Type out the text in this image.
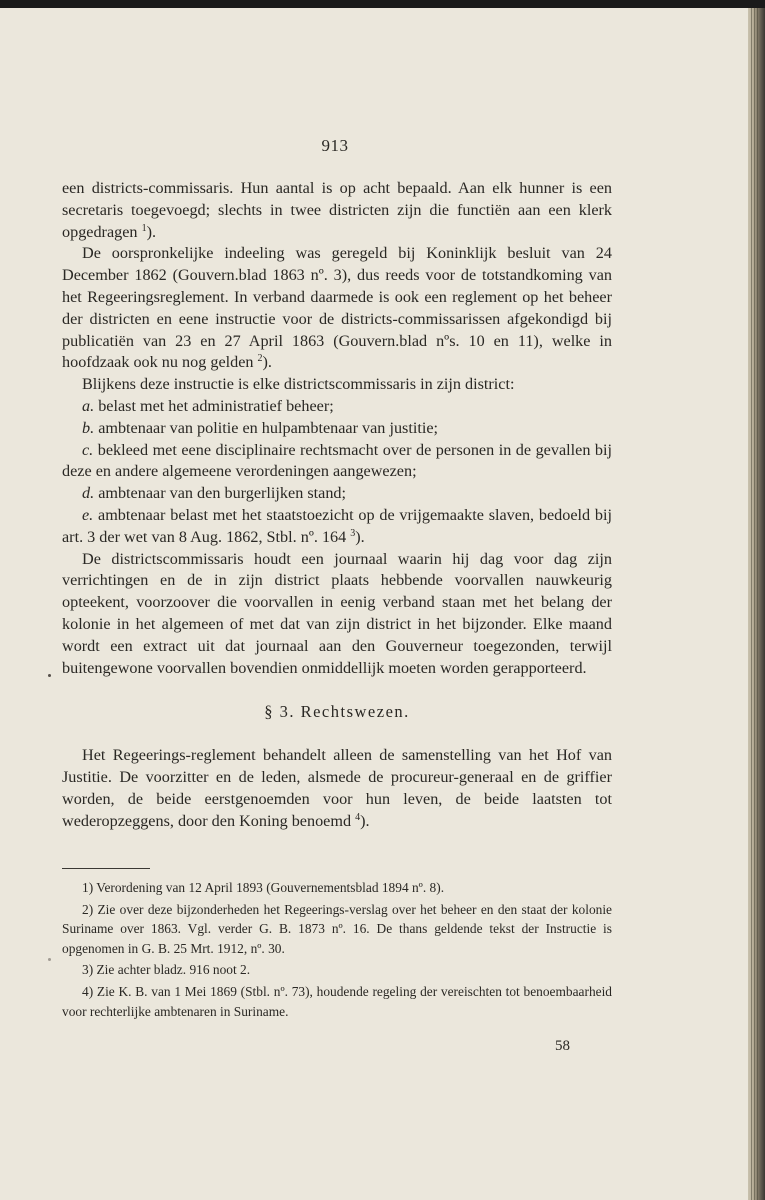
913

een districts-commissaris. Hun aantal is op acht bepaald. Aan elk hunner is een secretaris toegevoegd; slechts in twee districten zijn die functiën aan een klerk opgedragen $^1$).

De oorspronkelijke indeeling was geregeld bij Koninklijk besluit van 24 December 1862 (Gouvern.blad 1863 nº. 3), dus reeds voor de totstandkoming van het Regeeringsreglement. In verband daarmede is ook een reglement op het beheer der districten en eene instructie voor de districts-commissarissen afgekondigd bij publicatiën van 23 en 27 April 1863 (Gouvern.blad nºs. 10 en 11), welke in hoofdzaak ook nu nog gelden $^2$).

Blijkens deze instructie is elke districtscommissaris in zijn district:

a. belast met het administratief beheer;

b. ambtenaar van politie en hulpambtenaar van justitie;

c. bekleed met eene disciplinaire rechtsmacht over de personen in de gevallen bij deze en andere algemeene verordeningen aangewezen;

d. ambtenaar van den burgerlijken stand;

e. ambtenaar belast met het staatstoezicht op de vrijgemaakte slaven, bedoeld bij art. 3 der wet van 8 Aug. 1862, Stbl. nº. 164 $^3$).

De districtscommissaris houdt een journaal waarin hij dag voor dag zijn verrichtingen en de in zijn district plaats hebbende voorvallen nauwkeurig opteekent, voorzoover die voorvallen in eenig verband staan met het belang der kolonie in het algemeen of met dat van zijn district in het bijzonder. Elke maand wordt een extract uit dat journaal aan den Gouverneur toegezonden, terwijl buitengewone voorvallen bovendien onmiddellijk moeten worden gerapporteerd.

§ 3. Rechtswezen.

Het Regeerings-reglement behandelt alleen de samenstelling van het Hof van Justitie. De voorzitter en de leden, alsmede de procureur-generaal en de griffier worden, de beide eerstgenoemden voor hun leven, de beide laatsten tot wederopzeggens, door den Koning benoemd $^4$).

1) Verordening van 12 April 1893 (Gouvernementsblad 1894 nº. 8).

2) Zie over deze bijzonderheden het Regeerings-verslag over het beheer en den staat der kolonie Suriname over 1863. Vgl. verder G. B. 1873 nº. 16. De thans geldende tekst der Instructie is opgenomen in G. B. 25 Mrt. 1912, nº. 30.

3) Zie achter bladz. 916 noot 2.

4) Zie K. B. van 1 Mei 1869 (Stbl. nº. 73), houdende regeling der vereischten tot benoembaarheid voor rechterlijke ambtenaren in Suriname.

58
